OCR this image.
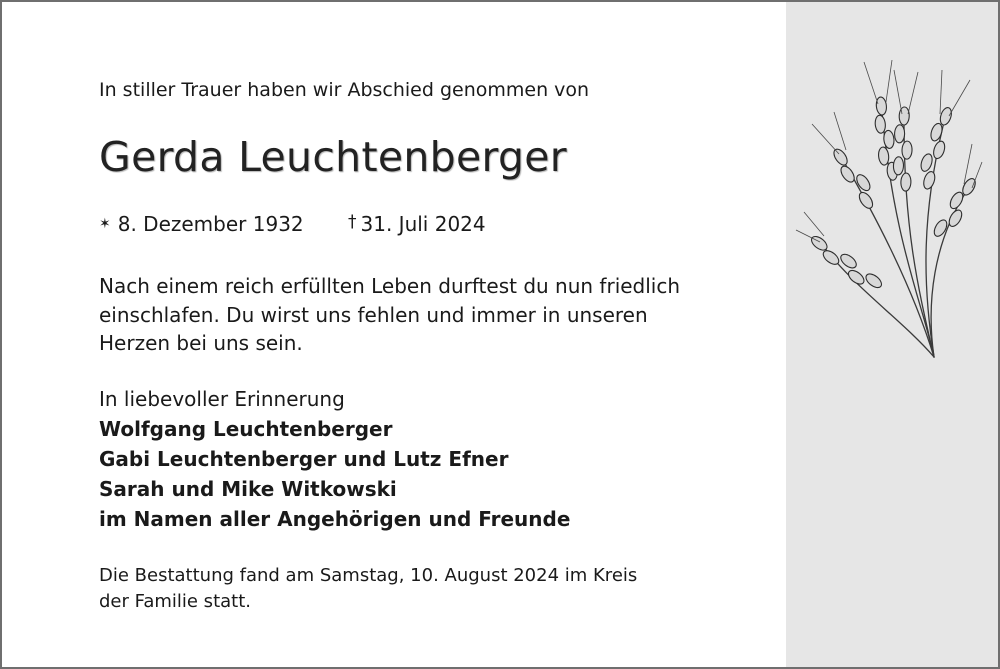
In stiller Trauer haben wir Abschied genommen von

Gerda Leuchtenberger

✶ 8. Dezember 1932	† 31. Juli 2024

Nach einem reich erfüllten Leben durftest du nun friedlich
einschlafen. Du wirst uns fehlen und immer in unseren
Herzen bei uns sein.

In liebevoller Erinnerung
Wolfgang Leuchtenberger
Gabi Leuchtenberger und Lutz Efner
Sarah und Mike Witkowski
im Namen aller Angehörigen und Freunde

Die Bestattung fand am Samstag, 10. August 2024 im Kreis
der Familie statt.
